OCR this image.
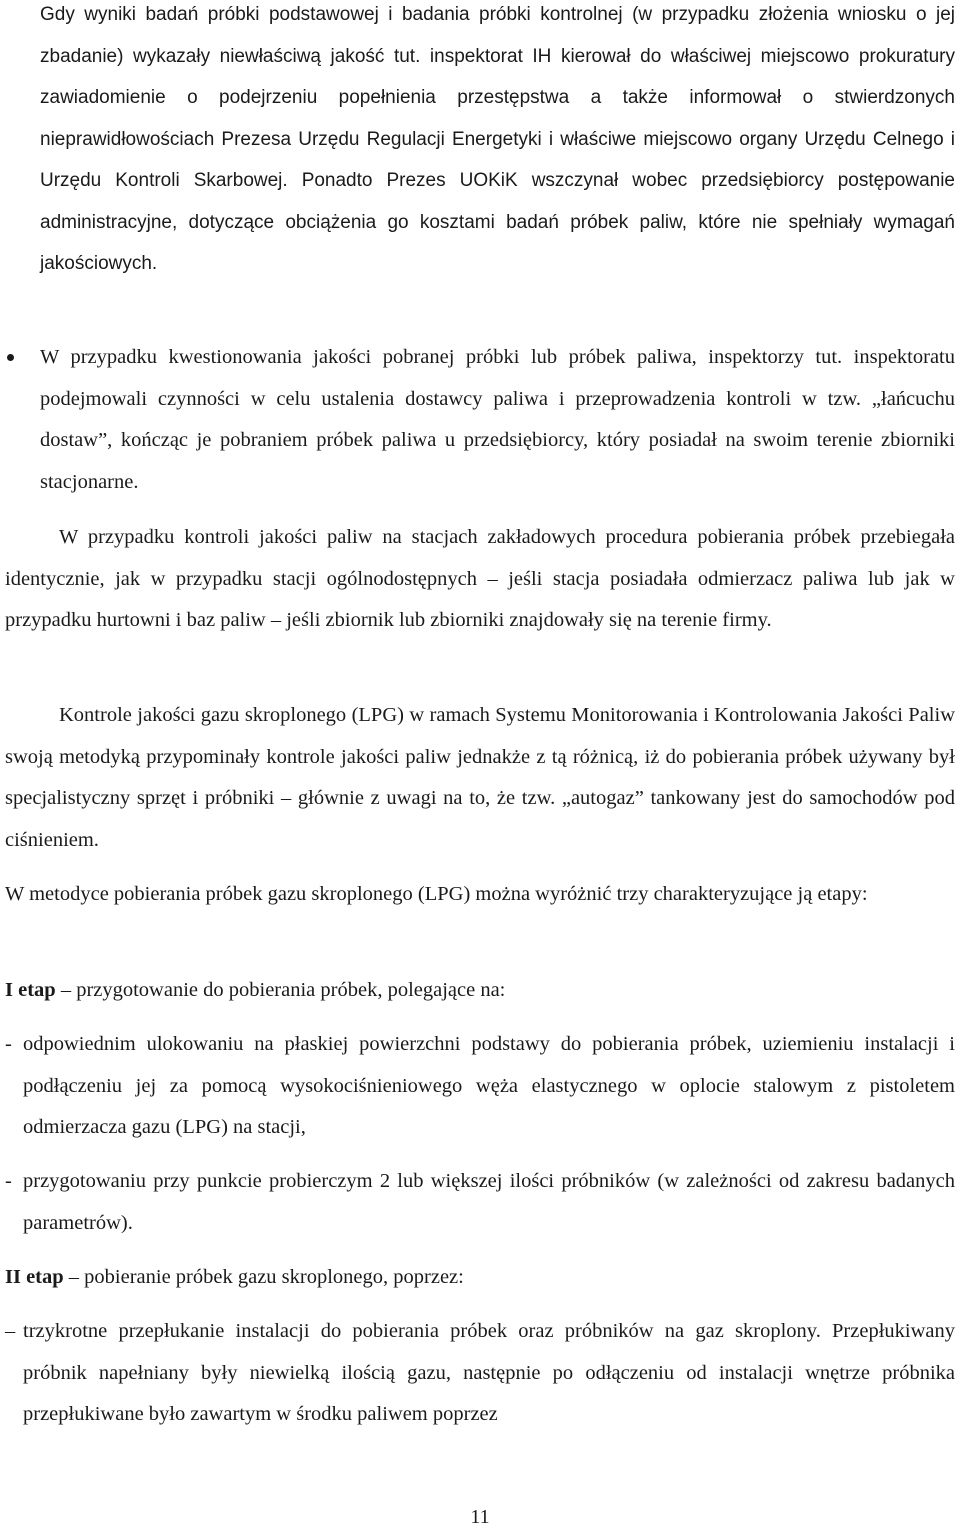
Gdy wyniki badań próbki podstawowej i badania próbki kontrolnej (w przypadku złożenia wniosku o jej zbadanie) wykazały niewłaściwą jakość tut. inspektorat IH kierował do właściwej miejscowo prokuratury zawiadomienie o podejrzeniu popełnienia przestępstwa a także informował o stwierdzonych nieprawidłowościach Prezesa Urzędu Regulacji Energetyki i właściwe miejscowo organy Urzędu Celnego i Urzędu Kontroli Skarbowej. Ponadto Prezes UOKiK wszczynał wobec przedsiębiorcy postępowanie administracyjne, dotyczące obciążenia go kosztami badań próbek paliw, które nie spełniały wymagań jakościowych.

W przypadku kwestionowania jakości pobranej próbki lub próbek paliwa, inspektorzy tut. inspektoratu podejmowali czynności w celu ustalenia dostawcy paliwa i przeprowadzenia kontroli w tzw. „łańcuchu dostaw”, kończąc je pobraniem próbek paliwa u przedsiębiorcy, który posiadał na swoim terenie zbiorniki stacjonarne.

W przypadku kontroli jakości paliw na stacjach zakładowych procedura pobierania próbek przebiegała identycznie, jak w przypadku stacji ogólnodostępnych – jeśli stacja posiadała odmierzacz paliwa lub jak w przypadku hurtowni i baz paliw – jeśli zbiornik lub zbiorniki znajdowały się na terenie firmy.

Kontrole jakości gazu skroplonego (LPG) w ramach Systemu Monitorowania i Kontrolowania Jakości Paliw swoją metodyką przypominały kontrole jakości paliw jednakże z tą różnicą, iż do pobierania próbek używany był specjalistyczny sprzęt i próbniki – głównie z uwagi na to, że tzw. „autogaz” tankowany jest do samochodów pod ciśnieniem.

W metodyce pobierania próbek gazu skroplonego (LPG) można wyróżnić trzy charakteryzujące ją etapy:

I etap – przygotowanie do pobierania próbek, polegające na:

- odpowiednim ulokowaniu na płaskiej powierzchni podstawy do pobierania próbek, uziemieniu instalacji i podłączeniu jej za pomocą wysokociśnieniowego węża elastycznego w oplocie stalowym z pistoletem odmierzacza gazu (LPG) na stacji,

- przygotowaniu przy punkcie probierczym 2 lub większej ilości próbników (w zależności od zakresu badanych parametrów).

II etap – pobieranie próbek gazu skroplonego, poprzez:

– trzykrotne przepłukanie instalacji do pobierania próbek oraz próbników na gaz skroplony. Przepłukiwany próbnik napełniany były niewielką ilością gazu, następnie po odłączeniu od instalacji wnętrze próbnika przepłukiwane było zawartym w środku paliwem poprzez

11
